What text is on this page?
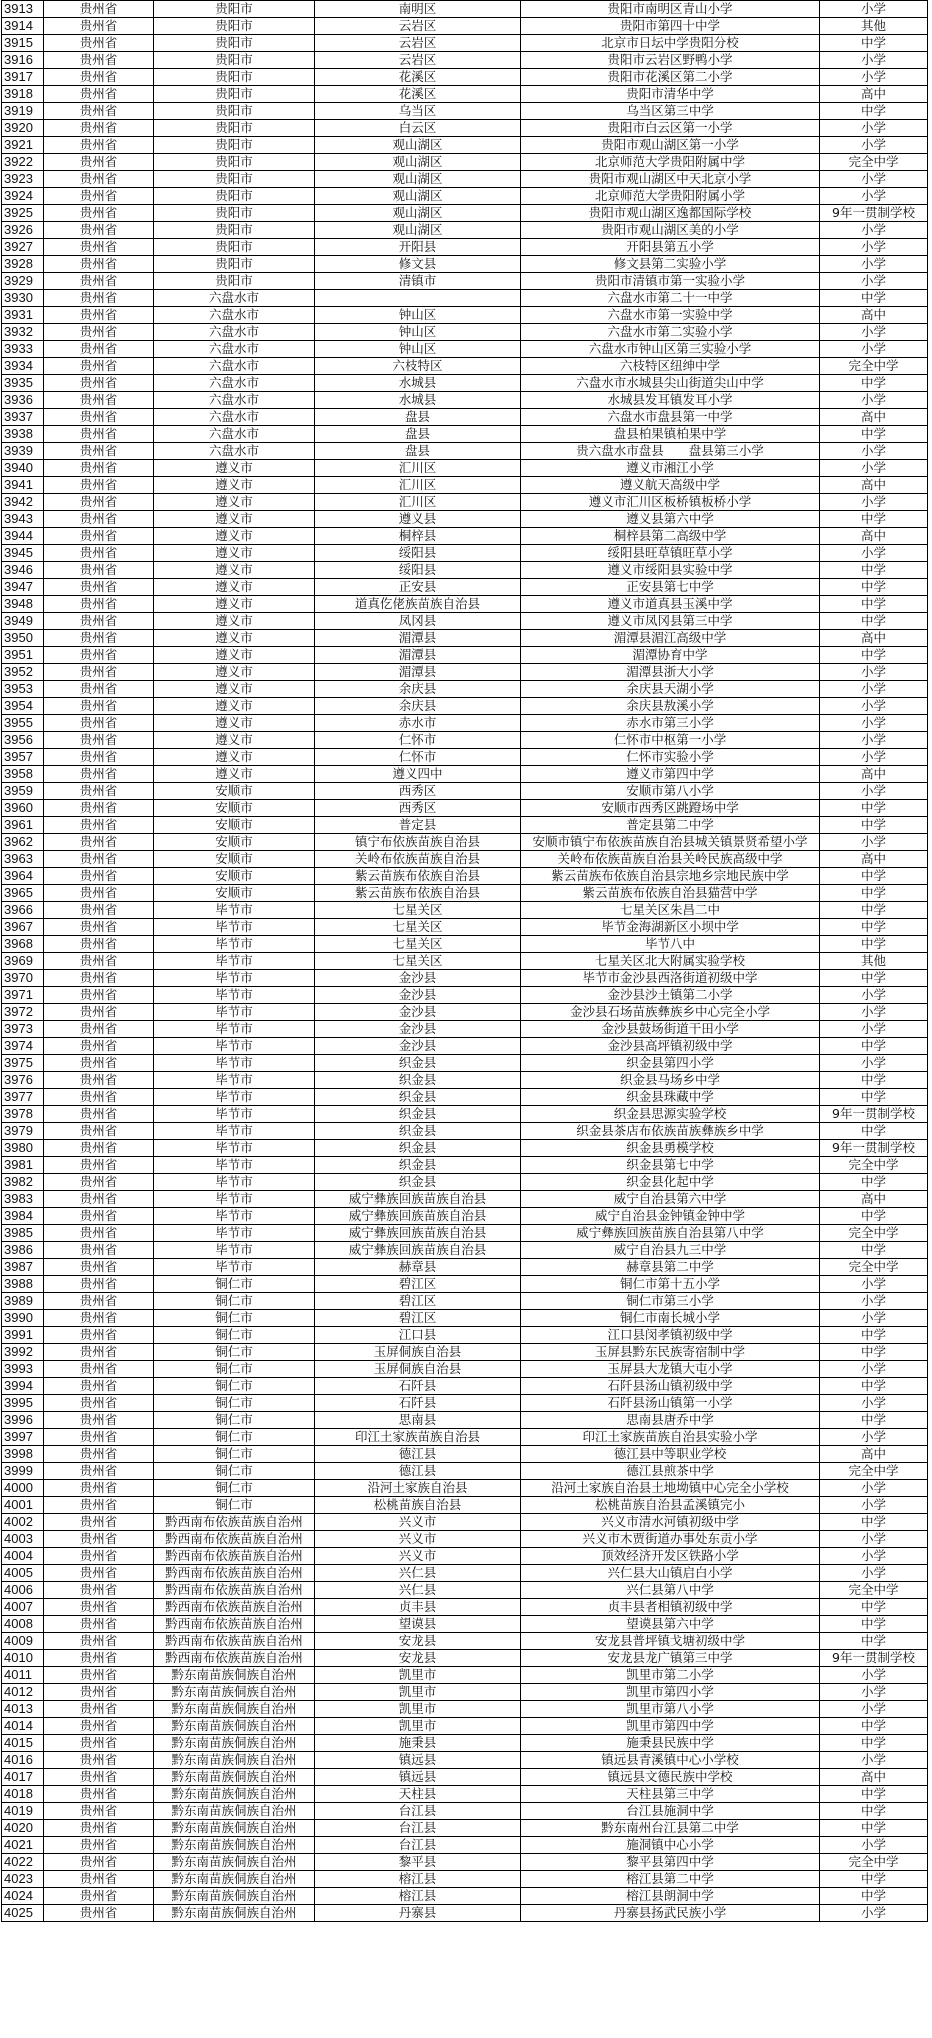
3913	贵州省	贵阳市	南明区	贵阳市南明区青山小学	小学
3914	贵州省	贵阳市	云岩区	贵阳市第四十中学	其他
3915	贵州省	贵阳市	云岩区	北京市日坛中学贵阳分校	中学
3916	贵州省	贵阳市	云岩区	贵阳市云岩区野鸭小学	小学
3917	贵州省	贵阳市	花溪区	贵阳市花溪区第二小学	小学
3918	贵州省	贵阳市	花溪区	贵阳市清华中学	高中
3919	贵州省	贵阳市	乌当区	乌当区第三中学	中学
3920	贵州省	贵阳市	白云区	贵阳市白云区第一小学	小学
3921	贵州省	贵阳市	观山湖区	贵阳市观山湖区第一小学	小学
3922	贵州省	贵阳市	观山湖区	北京师范大学贵阳附属中学	完全中学
3923	贵州省	贵阳市	观山湖区	贵阳市观山湖区中天北京小学	小学
3924	贵州省	贵阳市	观山湖区	北京师范大学贵阳附属小学	小学
3925	贵州省	贵阳市	观山湖区	贵阳市观山湖区逸都国际学校	9年一贯制学校
3926	贵州省	贵阳市	观山湖区	贵阳市观山湖区美的小学	小学
3927	贵州省	贵阳市	开阳县	开阳县第五小学	小学
3928	贵州省	贵阳市	修文县	修文县第二实验小学	小学
3929	贵州省	贵阳市	清镇市	贵阳市清镇市第一实验小学	小学
3930	贵州省	六盘水市		六盘水市第二十一中学	中学
3931	贵州省	六盘水市	钟山区	六盘水市第一实验中学	高中
3932	贵州省	六盘水市	钟山区	六盘水市第二实验小学	小学
3933	贵州省	六盘水市	钟山区	六盘水市钟山区第三实验小学	小学
3934	贵州省	六盘水市	六枝特区	六枝特区纽绅中学	完全中学
3935	贵州省	六盘水市	水城县	六盘水市水城县尖山街道尖山中学	中学
3936	贵州省	六盘水市	水城县	水城县发耳镇发耳小学	小学
3937	贵州省	六盘水市	盘县	六盘水市盘县第一中学	高中
3938	贵州省	六盘水市	盘县	盘县柏果镇柏果中学	中学
3939	贵州省	六盘水市	盘县	贵六盘水市盘县　　盘县第三小学	小学
3940	贵州省	遵义市	汇川区	遵义市湘江小学	小学
3941	贵州省	遵义市	汇川区	遵义航天高级中学	高中
3942	贵州省	遵义市	汇川区	遵义市汇川区板桥镇板桥小学	小学
3943	贵州省	遵义市	遵义县	遵义县第六中学	中学
3944	贵州省	遵义市	桐梓县	桐梓县第二高级中学	高中
3945	贵州省	遵义市	绥阳县	绥阳县旺草镇旺草小学	小学
3946	贵州省	遵义市	绥阳县	遵义市绥阳县实验中学	中学
3947	贵州省	遵义市	正安县	正安县第七中学	中学
3948	贵州省	遵义市	道真仡佬族苗族自治县	遵义市道真县玉溪中学	中学
3949	贵州省	遵义市	凤冈县	遵义市凤冈县第三中学	中学
3950	贵州省	遵义市	湄潭县	湄潭县湄江高级中学	高中
3951	贵州省	遵义市	湄潭县	湄潭协育中学	中学
3952	贵州省	遵义市	湄潭县	湄潭县浙大小学	小学
3953	贵州省	遵义市	余庆县	余庆县天湖小学	小学
3954	贵州省	遵义市	余庆县	余庆县敖溪小学	小学
3955	贵州省	遵义市	赤水市	赤水市第三小学	小学
3956	贵州省	遵义市	仁怀市	仁怀市中枢第一小学	小学
3957	贵州省	遵义市	仁怀市	仁怀市实验小学	小学
3958	贵州省	遵义市	遵义四中	遵义市第四中学	高中
3959	贵州省	安顺市	西秀区	安顺市第八小学	小学
3960	贵州省	安顺市	西秀区	安顺市西秀区跳蹬场中学	中学
3961	贵州省	安顺市	普定县	普定县第二中学	中学
3962	贵州省	安顺市	镇宁布依族苗族自治县	安顺市镇宁布依族苗族自治县城关镇景贤希望小学	小学
3963	贵州省	安顺市	关岭布依族苗族自治县	关岭布依族苗族自治县关岭民族高级中学	高中
3964	贵州省	安顺市	紫云苗族布依族自治县	紫云苗族布依族自治县宗地乡宗地民族中学	中学
3965	贵州省	安顺市	紫云苗族布依族自治县	紫云苗族布依族自治县猫营中学	中学
3966	贵州省	毕节市	七星关区	七星关区朱昌二中	中学
3967	贵州省	毕节市	七星关区	毕节金海湖新区小坝中学	中学
3968	贵州省	毕节市	七星关区	毕节八中	中学
3969	贵州省	毕节市	七星关区	七星关区北大附属实验学校	其他
3970	贵州省	毕节市	金沙县	毕节市金沙县西洛街道初级中学	中学
3971	贵州省	毕节市	金沙县	金沙县沙土镇第二小学	小学
3972	贵州省	毕节市	金沙县	金沙县石场苗族彝族乡中心完全小学	小学
3973	贵州省	毕节市	金沙县	金沙县鼓场街道干田小学	小学
3974	贵州省	毕节市	金沙县	金沙县高坪镇初级中学	中学
3975	贵州省	毕节市	织金县	织金县第四小学	小学
3976	贵州省	毕节市	织金县	织金县马场乡中学	中学
3977	贵州省	毕节市	织金县	织金县珠藏中学	中学
3978	贵州省	毕节市	织金县	织金县思源实验学校	9年一贯制学校
3979	贵州省	毕节市	织金县	织金县茶店布依族苗族彝族乡中学	中学
3980	贵州省	毕节市	织金县	织金县勇模学校	9年一贯制学校
3981	贵州省	毕节市	织金县	织金县第七中学	完全中学
3982	贵州省	毕节市	织金县	织金县化起中学	中学
3983	贵州省	毕节市	威宁彝族回族苗族自治县	威宁自治县第六中学	高中
3984	贵州省	毕节市	威宁彝族回族苗族自治县	威宁自治县金钟镇金钟中学	中学
3985	贵州省	毕节市	威宁彝族回族苗族自治县	威宁彝族回族苗族自治县第八中学	完全中学
3986	贵州省	毕节市	威宁彝族回族苗族自治县	威宁自治县九三中学	中学
3987	贵州省	毕节市	赫章县	赫章县第二中学	完全中学
3988	贵州省	铜仁市	碧江区	铜仁市第十五小学	小学
3989	贵州省	铜仁市	碧江区	铜仁市第三小学	小学
3990	贵州省	铜仁市	碧江区	铜仁市南长城小学	小学
3991	贵州省	铜仁市	江口县	江口县闵孝镇初级中学	中学
3992	贵州省	铜仁市	玉屏侗族自治县	玉屏县黔东民族寄宿制中学	中学
3993	贵州省	铜仁市	玉屏侗族自治县	玉屏县大龙镇大屯小学	小学
3994	贵州省	铜仁市	石阡县	石阡县汤山镇初级中学	中学
3995	贵州省	铜仁市	石阡县	石阡县汤山镇第一小学	小学
3996	贵州省	铜仁市	思南县	思南县唐乔中学	中学
3997	贵州省	铜仁市	印江土家族苗族自治县	印江土家族苗族自治县实验小学	小学
3998	贵州省	铜仁市	德江县	德江县中等职业学校	高中
3999	贵州省	铜仁市	德江县	德江县煎茶中学	完全中学
4000	贵州省	铜仁市	沿河土家族自治县	沿河土家族自治县土地坳镇中心完全小学校	小学
4001	贵州省	铜仁市	松桃苗族自治县	松桃苗族自治县孟溪镇完小	小学
4002	贵州省	黔西南布依族苗族自治州	兴义市	兴义市清水河镇初级中学	中学
4003	贵州省	黔西南布依族苗族自治州	兴义市	兴义市木贾街道办事处东贡小学	小学
4004	贵州省	黔西南布依族苗族自治州	兴义市	顶效经济开发区铁路小学	小学
4005	贵州省	黔西南布依族苗族自治州	兴仁县	兴仁县大山镇启白小学	小学
4006	贵州省	黔西南布依族苗族自治州	兴仁县	兴仁县第八中学	完全中学
4007	贵州省	黔西南布依族苗族自治州	贞丰县	贞丰县者相镇初级中学	中学
4008	贵州省	黔西南布依族苗族自治州	望谟县	望谟县第六中学	中学
4009	贵州省	黔西南布依族苗族自治州	安龙县	安龙县普坪镇戈塘初级中学	中学
4010	贵州省	黔西南布依族苗族自治州	安龙县	安龙县龙广镇第三中学	9年一贯制学校
4011	贵州省	黔东南苗族侗族自治州	凯里市	凯里市第二小学	小学
4012	贵州省	黔东南苗族侗族自治州	凯里市	凯里市第四小学	小学
4013	贵州省	黔东南苗族侗族自治州	凯里市	凯里市第八小学	小学
4014	贵州省	黔东南苗族侗族自治州	凯里市	凯里市第四中学	中学
4015	贵州省	黔东南苗族侗族自治州	施秉县	施秉县民族中学	中学
4016	贵州省	黔东南苗族侗族自治州	镇远县	镇远县青溪镇中心小学校	小学
4017	贵州省	黔东南苗族侗族自治州	镇远县	镇远县文德民族中学校	高中
4018	贵州省	黔东南苗族侗族自治州	天柱县	天柱县第三中学	中学
4019	贵州省	黔东南苗族侗族自治州	台江县	台江县施洞中学	中学
4020	贵州省	黔东南苗族侗族自治州	台江县	黔东南州台江县第二中学	中学
4021	贵州省	黔东南苗族侗族自治州	台江县	施洞镇中心小学	小学
4022	贵州省	黔东南苗族侗族自治州	黎平县	黎平县第四中学	完全中学
4023	贵州省	黔东南苗族侗族自治州	榕江县	榕江县第二中学	中学
4024	贵州省	黔东南苗族侗族自治州	榕江县	榕江县朗洞中学	中学
4025	贵州省	黔东南苗族侗族自治州	丹寨县	丹寨县扬武民族小学	小学
